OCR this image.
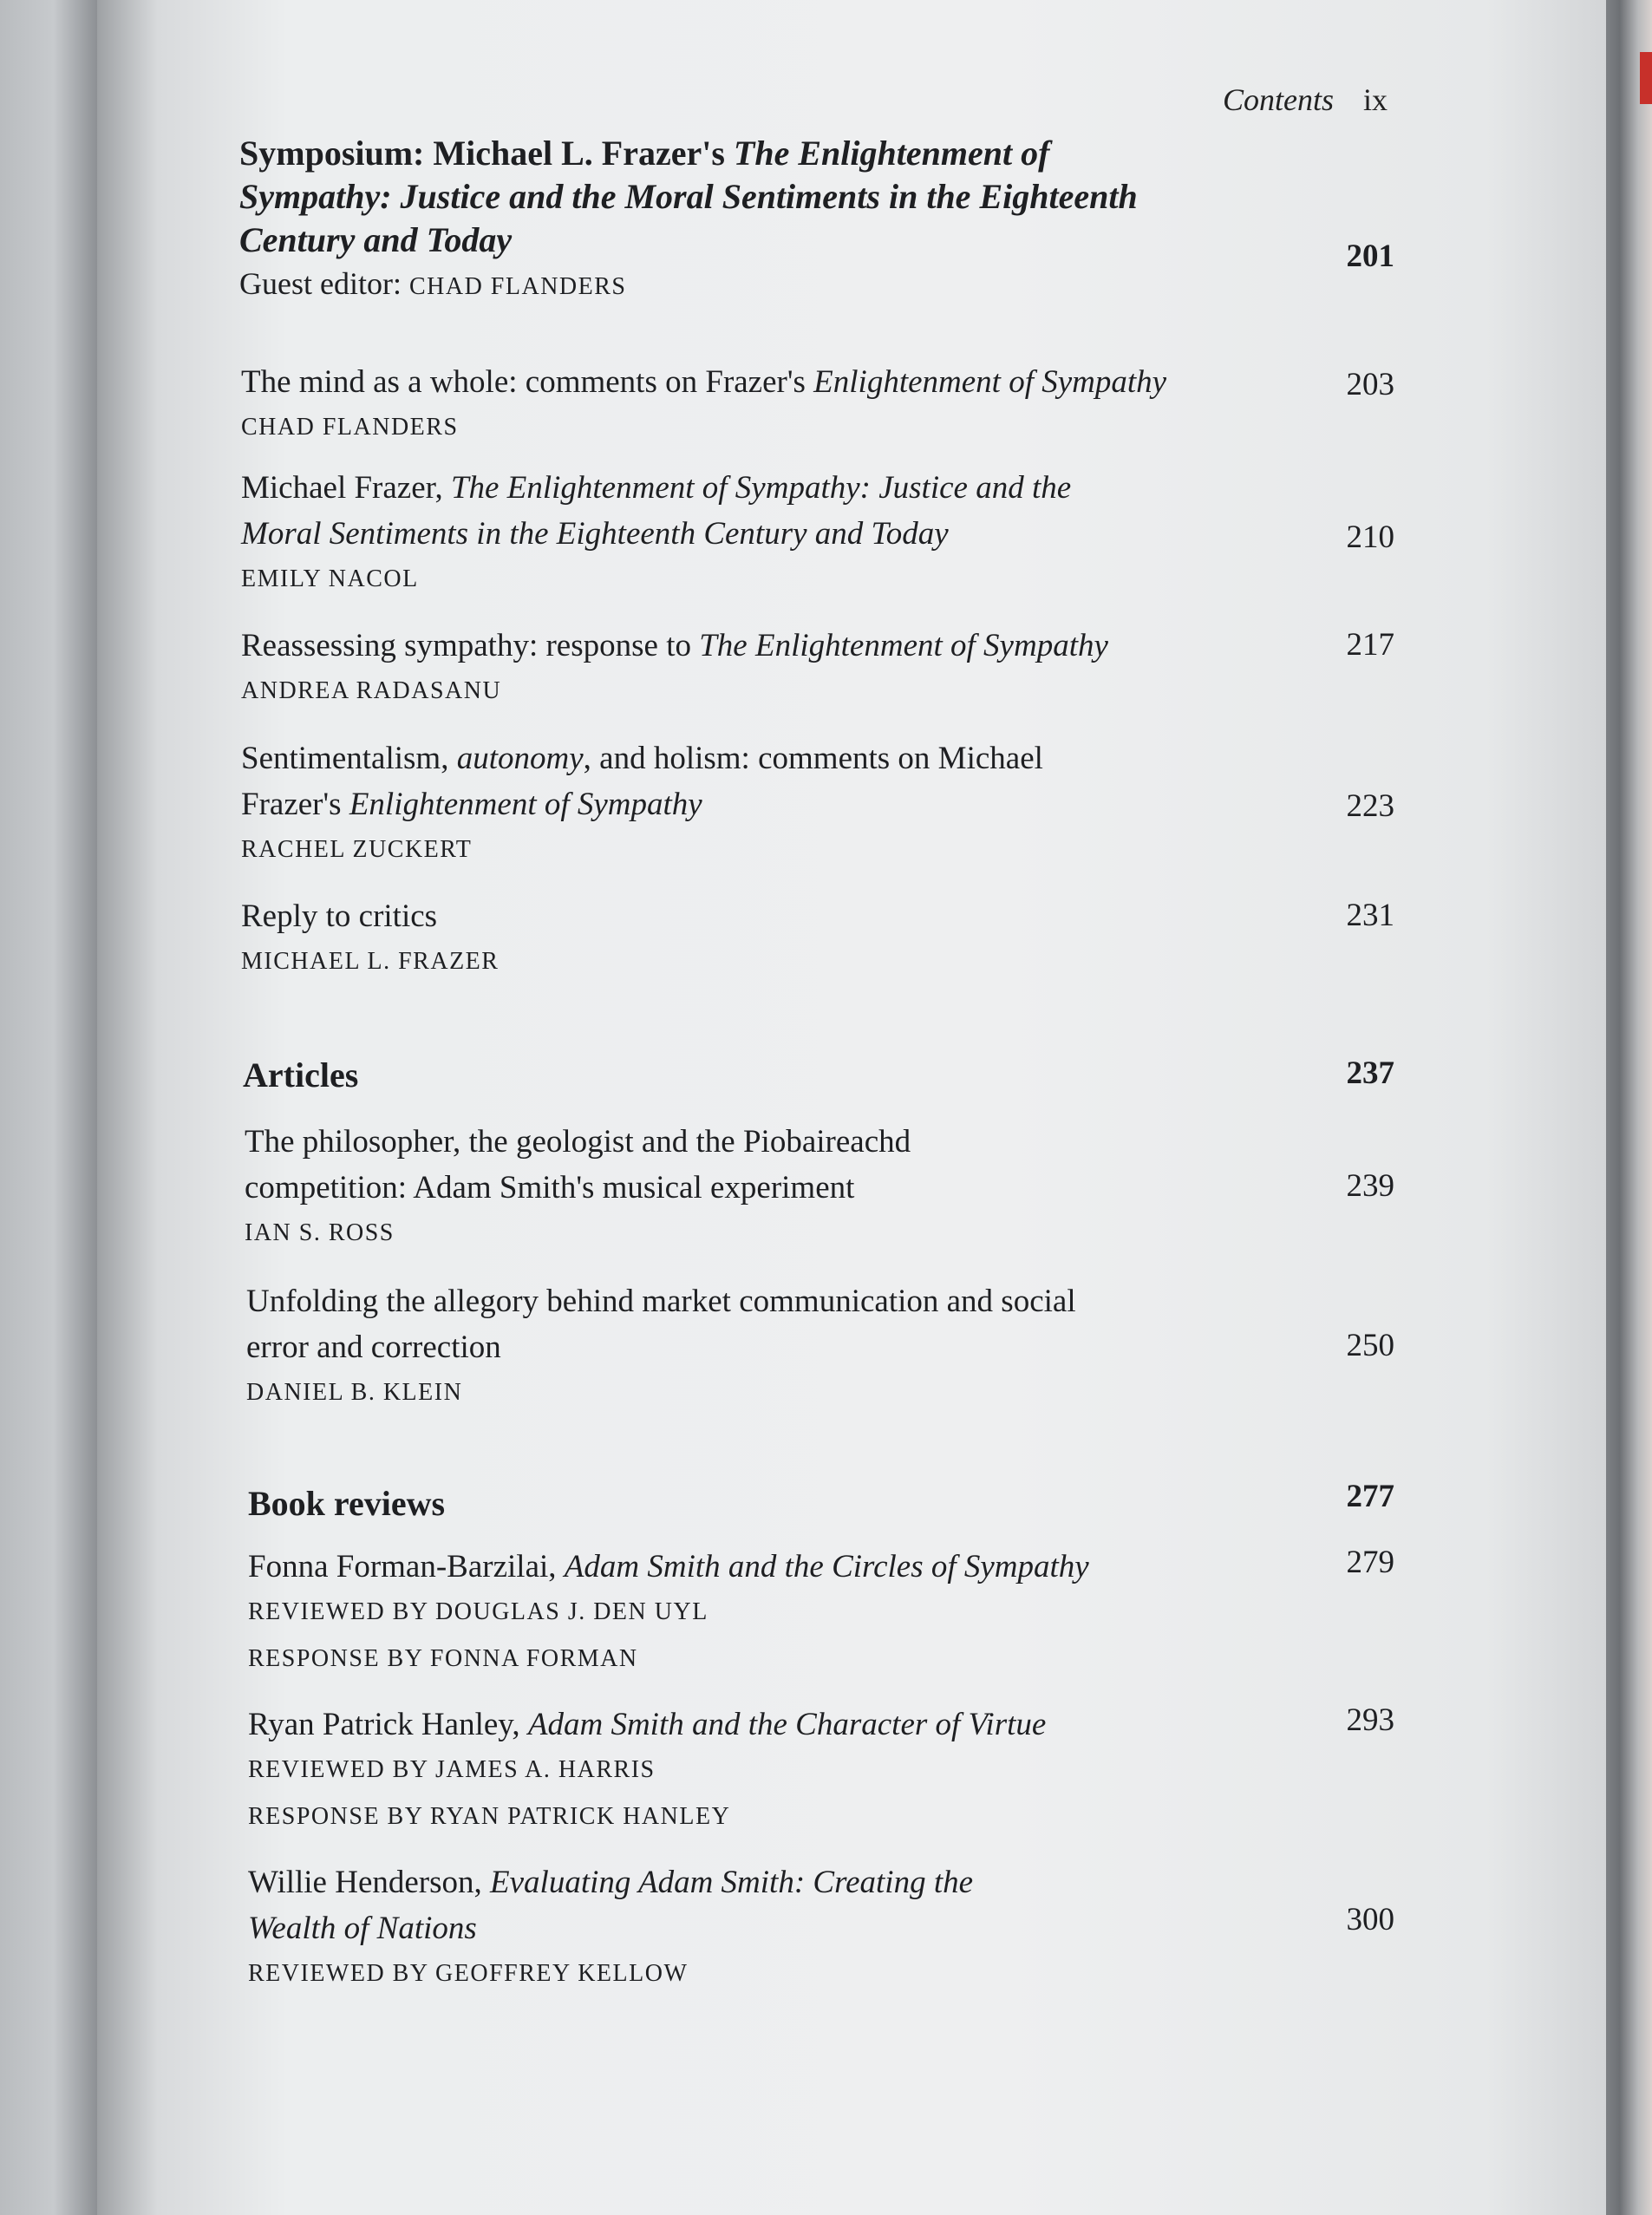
Contents ix
Symposium: Michael L. Frazer's The Enlightenment of Sympathy: Justice and the Moral Sentiments in the Eighteenth Century and Today
Guest editor: CHAD FLANDERS
201
The mind as a whole: comments on Frazer's Enlightenment of Sympathy
CHAD FLANDERS
203
Michael Frazer, The Enlightenment of Sympathy: Justice and the Moral Sentiments in the Eighteenth Century and Today
EMILY NACOL
210
Reassessing sympathy: response to The Enlightenment of Sympathy
ANDREA RADASANU
217
Sentimentalism, autonomy, and holism: comments on Michael Frazer's Enlightenment of Sympathy
RACHEL ZUCKERT
223
Reply to critics
MICHAEL L. FRAZER
231
Articles	237
The philosopher, the geologist and the Piobaireachd competition: Adam Smith's musical experiment
IAN S. ROSS
239
Unfolding the allegory behind market communication and social error and correction
DANIEL B. KLEIN
250
Book reviews	277
Fonna Forman-Barzilai, Adam Smith and the Circles of Sympathy
REVIEWED BY DOUGLAS J. DEN UYL
RESPONSE BY FONNA FORMAN
279
Ryan Patrick Hanley, Adam Smith and the Character of Virtue
REVIEWED BY JAMES A. HARRIS
RESPONSE BY RYAN PATRICK HANLEY
293
Willie Henderson, Evaluating Adam Smith: Creating the Wealth of Nations
REVIEWED BY GEOFFREY KELLOW
300
